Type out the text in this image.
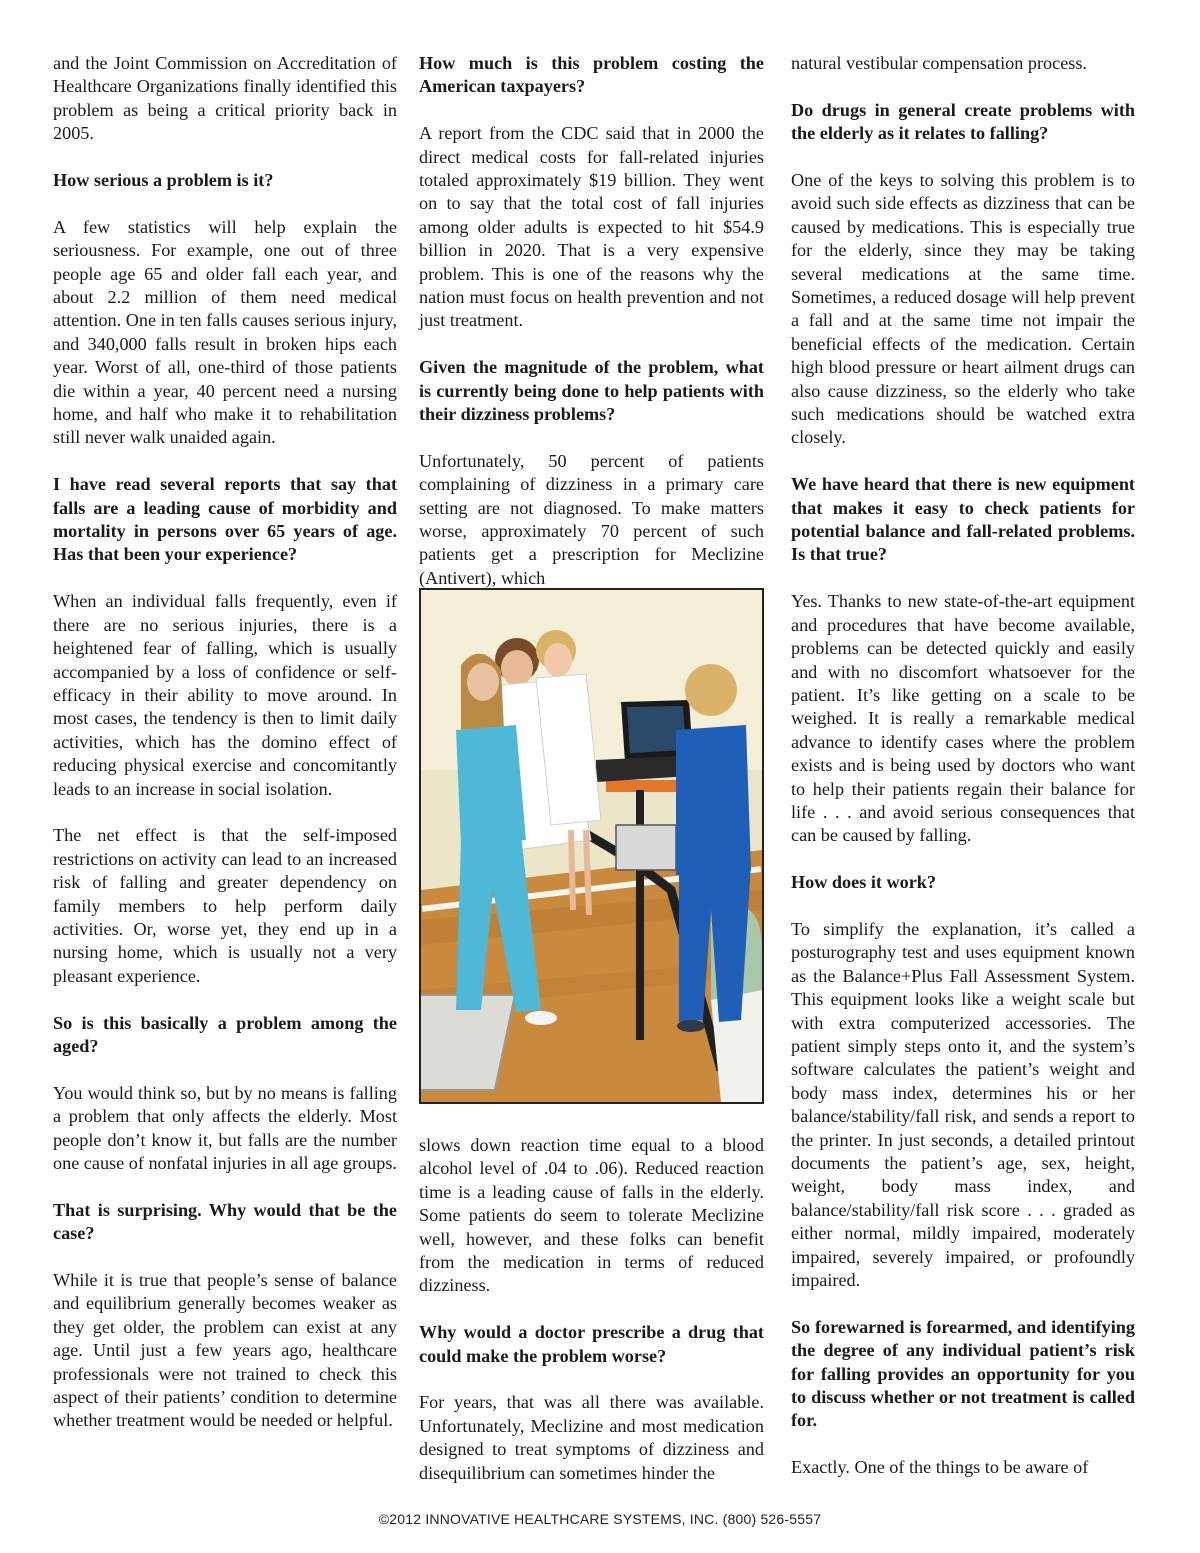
and the Joint Commission on Accreditation of Healthcare Organizations finally identified this problem as being a critical priority back in 2005.

How serious a problem is it?

A few statistics will help explain the seriousness. For example, one out of three people age 65 and older fall each year, and about 2.2 million of them need medical attention. One in ten falls causes serious injury, and 340,000 falls result in broken hips each year. Worst of all, one-third of those patients die within a year, 40 percent need a nursing home, and half who make it to rehabilitation still never walk unaided again.

I have read several reports that say that falls are a leading cause of morbidity and mortality in persons over 65 years of age. Has that been your experience?

When an individual falls frequently, even if there are no serious injuries, there is a heightened fear of falling, which is usually accompanied by a loss of confidence or self-efficacy in their ability to move around. In most cases, the tendency is then to limit daily activities, which has the domino effect of reducing physical exercise and concomitantly leads to an increase in social isolation.

The net effect is that the self-imposed restrictions on activity can lead to an increased risk of falling and greater dependency on family members to help perform daily activities. Or, worse yet, they end up in a nursing home, which is usually not a very pleasant experience.

So is this basically a problem among the aged?

You would think so, but by no means is falling a problem that only affects the elderly. Most people don’t know it, but falls are the number one cause of nonfatal injuries in all age groups.

That is surprising. Why would that be the case?

While it is true that people’s sense of balance and equilibrium generally becomes weaker as they get older, the problem can exist at any age. Until just a few years ago, healthcare professionals were not trained to check this aspect of their patients’ condition to determine whether treatment would be needed or helpful.

How much is this problem costing the American taxpayers?

A report from the CDC said that in 2000 the direct medical costs for fall-related injuries totaled approximately $19 billion. They went on to say that the total cost of fall injuries among older adults is expected to hit $54.9 billion in 2020. That is a very expensive problem. This is one of the reasons why the nation must focus on health prevention and not just treatment.

Given the magnitude of the problem, what is currently being done to help patients with their dizziness problems?

Unfortunately, 50 percent of patients complaining of dizziness in a primary care setting are not diagnosed. To make matters worse, approximately 70 percent of such patients get a prescription for Meclizine (Antivert), which

slows down reaction time equal to a blood alcohol level of .04 to .06). Reduced reaction time is a leading cause of falls in the elderly. Some patients do seem to tolerate Meclizine well, however, and these folks can benefit from the medication in terms of reduced dizziness.

Why would a doctor prescribe a drug that could make the problem worse?

For years, that was all there was available. Unfortunately, Meclizine and most medication designed to treat symptoms of dizziness and disequilibrium can sometimes hinder the

natural vestibular compensation process.

Do drugs in general create problems with the elderly as it relates to falling?

One of the keys to solving this problem is to avoid such side effects as dizziness that can be caused by medications. This is especially true for the elderly, since they may be taking several medications at the same time. Sometimes, a reduced dosage will help prevent a fall and at the same time not impair the beneficial effects of the medication. Certain high blood pressure or heart ailment drugs can also cause dizziness, so the elderly who take such medications should be watched extra closely.

We have heard that there is new equipment that makes it easy to check patients for potential balance and fall-related problems. Is that true?

Yes. Thanks to new state-of-the-art equipment and procedures that have become available, problems can be detected quickly and easily and with no discomfort whatsoever for the patient. It’s like getting on a scale to be weighed. It is really a remarkable medical advance to identify cases where the problem exists and is being used by doctors who want to help their patients regain their balance for life . . . and avoid serious consequences that can be caused by falling.

How does it work?

To simplify the explanation, it’s called a posturography test and uses equipment known as the Balance+Plus Fall Assessment System. This equipment looks like a weight scale but with extra computerized accessories. The patient simply steps onto it, and the system’s software calculates the patient’s weight and body mass index, determines his or her balance/stability/fall risk, and sends a report to the printer. In just seconds, a detailed printout documents the patient’s age, sex, height, weight, body mass index, and balance/stability/fall risk score . . . graded as either normal, mildly impaired, moderately impaired, severely impaired, or profoundly impaired.

So forewarned is forearmed, and identifying the degree of any individual patient’s risk for falling provides an opportunity for you to discuss whether or not treatment is called for.

Exactly. One of the things to be aware of

©2012 INNOVATIVE HEALTHCARE SYSTEMS, INC. (800) 526-5557
